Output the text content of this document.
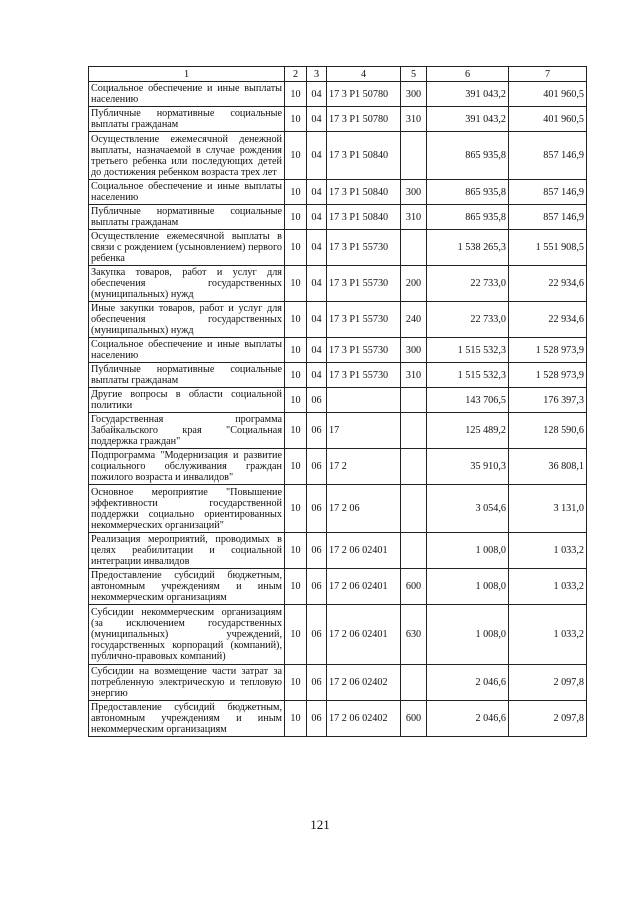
1	2	3	4	5	6	7
Социальное обеспечение и иные выплаты населению	10	04	17 3 Р1 50780	300	391 043,2	401 960,5
Публичные нормативные социальные выплаты гражданам	10	04	17 3 Р1 50780	310	391 043,2	401 960,5
Осуществление ежемесячной денежной выплаты, назначаемой в случае рождения третьего ребенка или последующих детей до достижения ребенком возраста трех лет	10	04	17 3 Р1 50840		865 935,8	857 146,9
Социальное обеспечение и иные выплаты населению	10	04	17 3 Р1 50840	300	865 935,8	857 146,9
Публичные нормативные социальные выплаты гражданам	10	04	17 3 Р1 50840	310	865 935,8	857 146,9
Осуществление ежемесячной выплаты в связи с рождением (усыновлением) первого ребенка	10	04	17 3 Р1 55730		1 538 265,3	1 551 908,5
Закупка товаров, работ и услуг для обеспечения государственных (муниципальных) нужд	10	04	17 3 Р1 55730	200	22 733,0	22 934,6
Иные закупки товаров, работ и услуг для обеспечения государственных (муниципальных) нужд	10	04	17 3 Р1 55730	240	22 733,0	22 934,6
Социальное обеспечение и иные выплаты населению	10	04	17 3 Р1 55730	300	1 515 532,3	1 528 973,9
Публичные нормативные социальные выплаты гражданам	10	04	17 3 Р1 55730	310	1 515 532,3	1 528 973,9
Другие вопросы в области социальной политики	10	06			143 706,5	176 397,3
Государственная программа Забайкальского края "Социальная поддержка граждан"	10	06	17		125 489,2	128 590,6
Подпрограмма "Модернизация и развитие социального обслуживания граждан пожилого возраста и инвалидов"	10	06	17 2		35 910,3	36 808,1
Основное мероприятие "Повышение эффективности государственной поддержки социально ориентированных некоммерческих организаций"	10	06	17 2 06		3 054,6	3 131,0
Реализация мероприятий, проводимых в целях реабилитации и социальной интеграции инвалидов	10	06	17 2 06 02401		1 008,0	1 033,2
Предоставление субсидий бюджетным, автономным учреждениям и иным некоммерческим организациям	10	06	17 2 06 02401	600	1 008,0	1 033,2
Субсидии некоммерческим организациям (за исключением государственных (муниципальных) учреждений, государственных корпораций (компаний), публично-правовых компаний)	10	06	17 2 06 02401	630	1 008,0	1 033,2
Субсидии на возмещение части затрат за потребленную электрическую и тепловую энергию	10	06	17 2 06 02402		2 046,6	2 097,8
Предоставление субсидий бюджетным, автономным учреждениям и иным некоммерческим организациям	10	06	17 2 06 02402	600	2 046,6	2 097,8
121
